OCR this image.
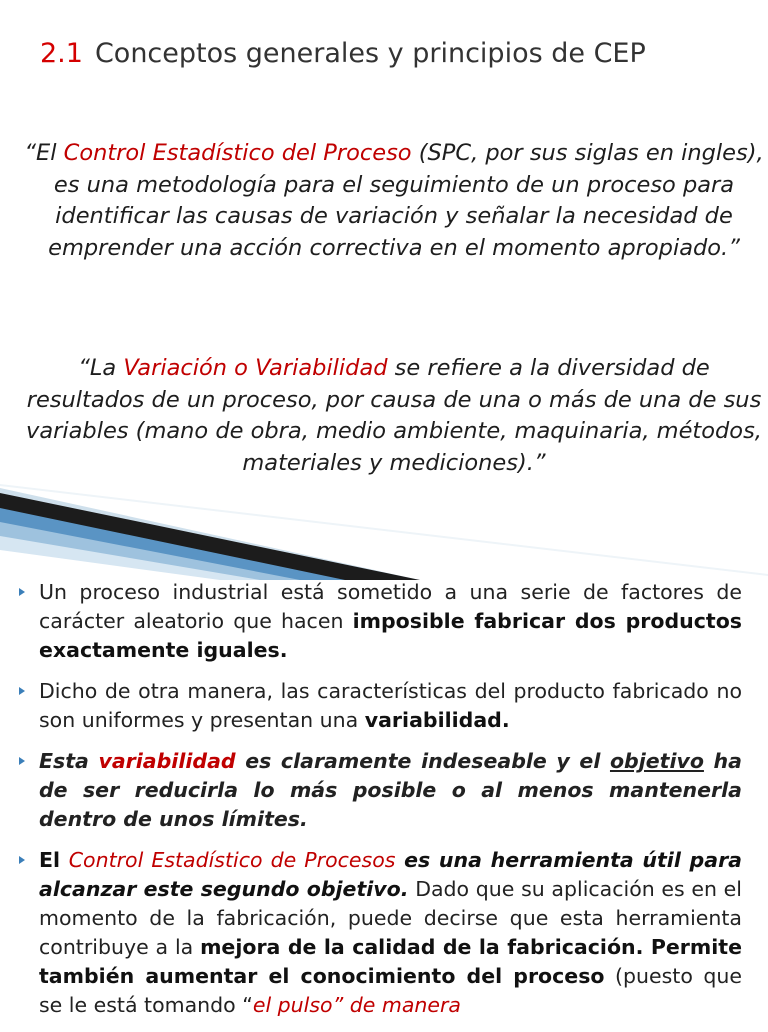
2.1 Conceptos generales y principios de CEP

“El Control Estadístico del Proceso (SPC, por sus siglas en ingles), es una metodología para el seguimiento de un proceso para identificar las causas de variación y señalar la necesidad de emprender una acción correctiva en el momento apropiado.”

“La Variación o Variabilidad se refiere a la diversidad de resultados de un proceso, por causa de una o más de una de sus variables (mano de obra, medio ambiente, maquinaria, métodos, materiales y mediciones).”

Un proceso industrial está sometido a una serie de factores de carácter aleatorio que hacen imposible fabricar dos productos exactamente iguales.
Dicho de otra manera, las características del producto fabricado no son uniformes y presentan una variabilidad.
Esta variabilidad es claramente indeseable y el objetivo ha de ser reducirla lo más posible o al menos mantenerla dentro de unos límites.
El Control Estadístico de Procesos es una herramienta útil para alcanzar este segundo objetivo. Dado que su aplicación es en el momento de la fabricación, puede decirse que esta herramienta contribuye a la mejora de la calidad de la fabricación. Permite también aumentar el conocimiento del proceso (puesto que se le está tomando “el pulso” de manera
